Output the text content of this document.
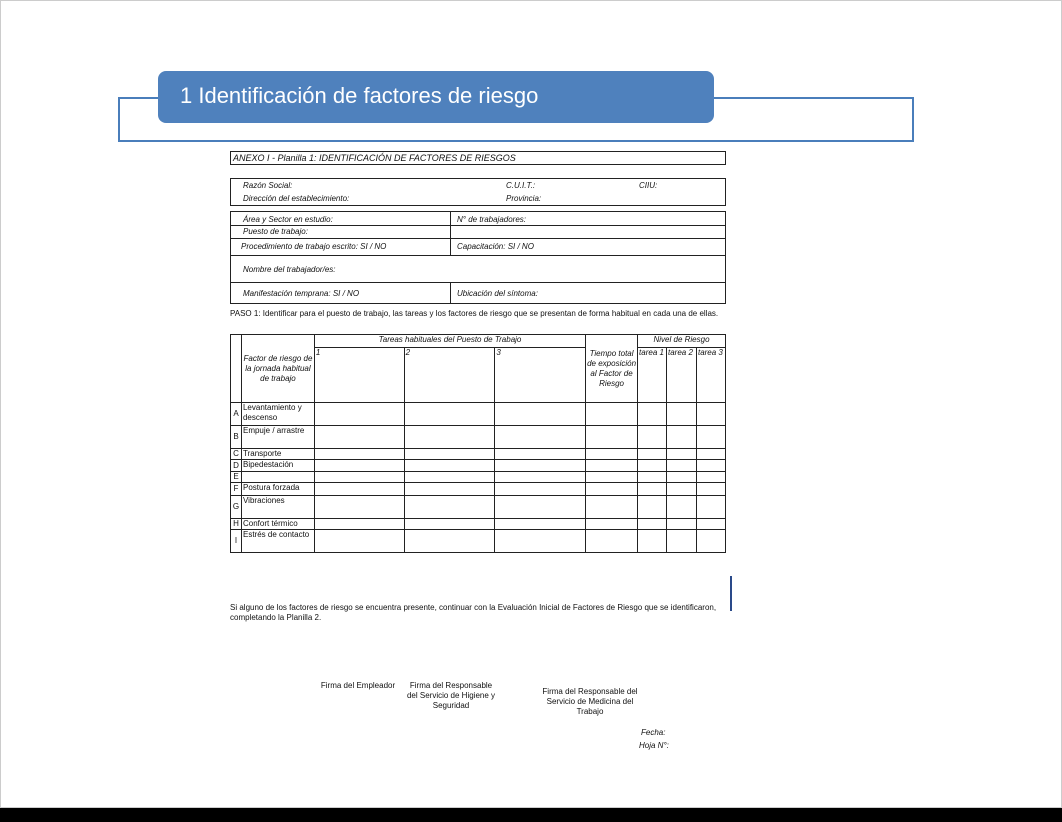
1 Identificación de factores de riesgo
ANEXO I - Planilla 1: IDENTIFICACIÓN DE FACTORES DE RIESGOS
Razón Social:	C.U.I.T.:	CIIU:
Dirección del establecimiento:	Provincia:
Área y Sector en estudio:	N° de trabajadores:
Puesto de trabajo:
Procedimiento de trabajo escrito: SI / NO	Capacitación: SI / NO
Nombre del trabajador/es:
Manifestación temprana: SI / NO	Ubicación del síntoma:
PASO 1: Identificar para el puesto de trabajo, las tareas y los factores de riesgo que se presentan de forma habitual en cada una de ellas.
	Factor de riesgo de la jornada habitual de trabajo	Tareas habituales del Puesto de Trabajo			Tiempo total de exposición al Factor de Riesgo	Nivel de Riesgo		
		1	2	3		tarea 1	tarea 2	tarea 3
A	Levantamiento y descenso							
B	Empuje / arrastre							
C	Transporte							
D	Bipedestación							
E								
F	Postura forzada							
G	Vibraciones							
H	Confort térmico							
I	Estrés de contacto							
Si alguno de los factores de riesgo se encuentra presente, continuar con la Evaluación Inicial de Factores de Riesgo que se identificaron, completando la Planilla 2.
Firma del Empleador	Firma del Responsable del Servicio de Higiene y Seguridad
Firma del Responsable del Servicio de Medicina del Trabajo
Fecha:
Hoja N°:
